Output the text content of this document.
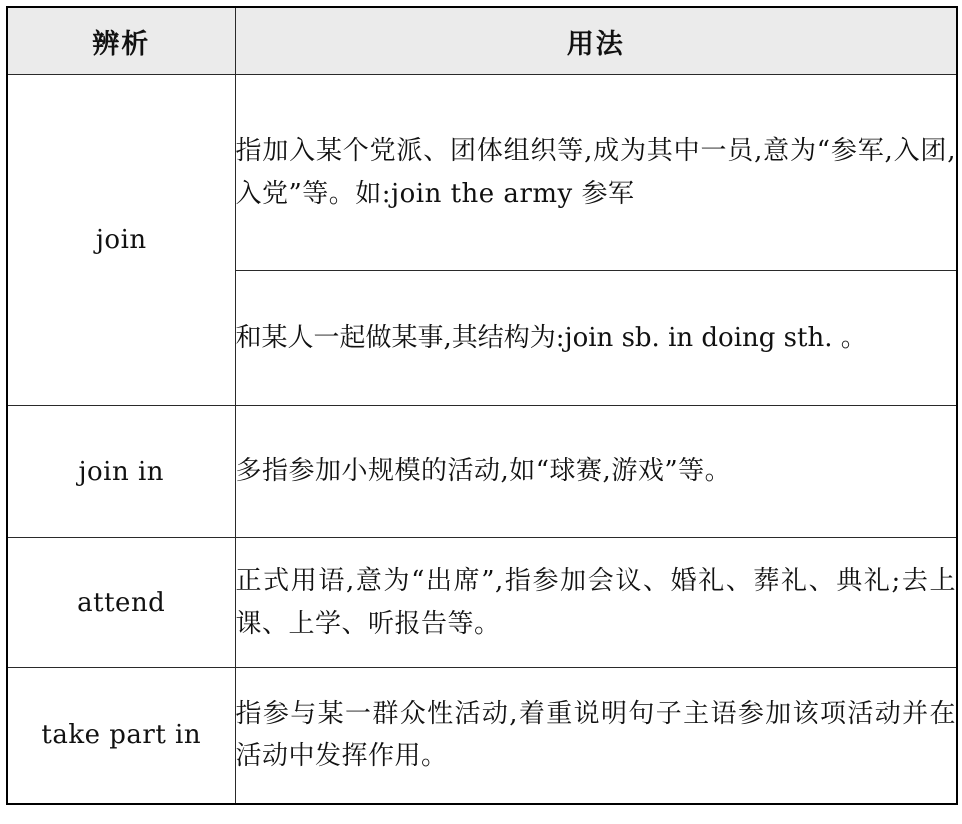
辨析	用法
join	指加入某个党派、团体组织等,成为其中一员,意为“参军,入团,入党”等。如:join the army 参军

	和某人一起做某事,其结构为:join sb. in doing sth. 。

join in	多指参加小规模的活动,如“球赛,游戏”等。

attend	正式用语,意为“出席”,指参加会议、婚礼、葬礼、典礼;去上课、上学、听报告等。

take part in	指参与某一群众性活动,着重说明句子主语参加该项活动并在活动中发挥作用。
